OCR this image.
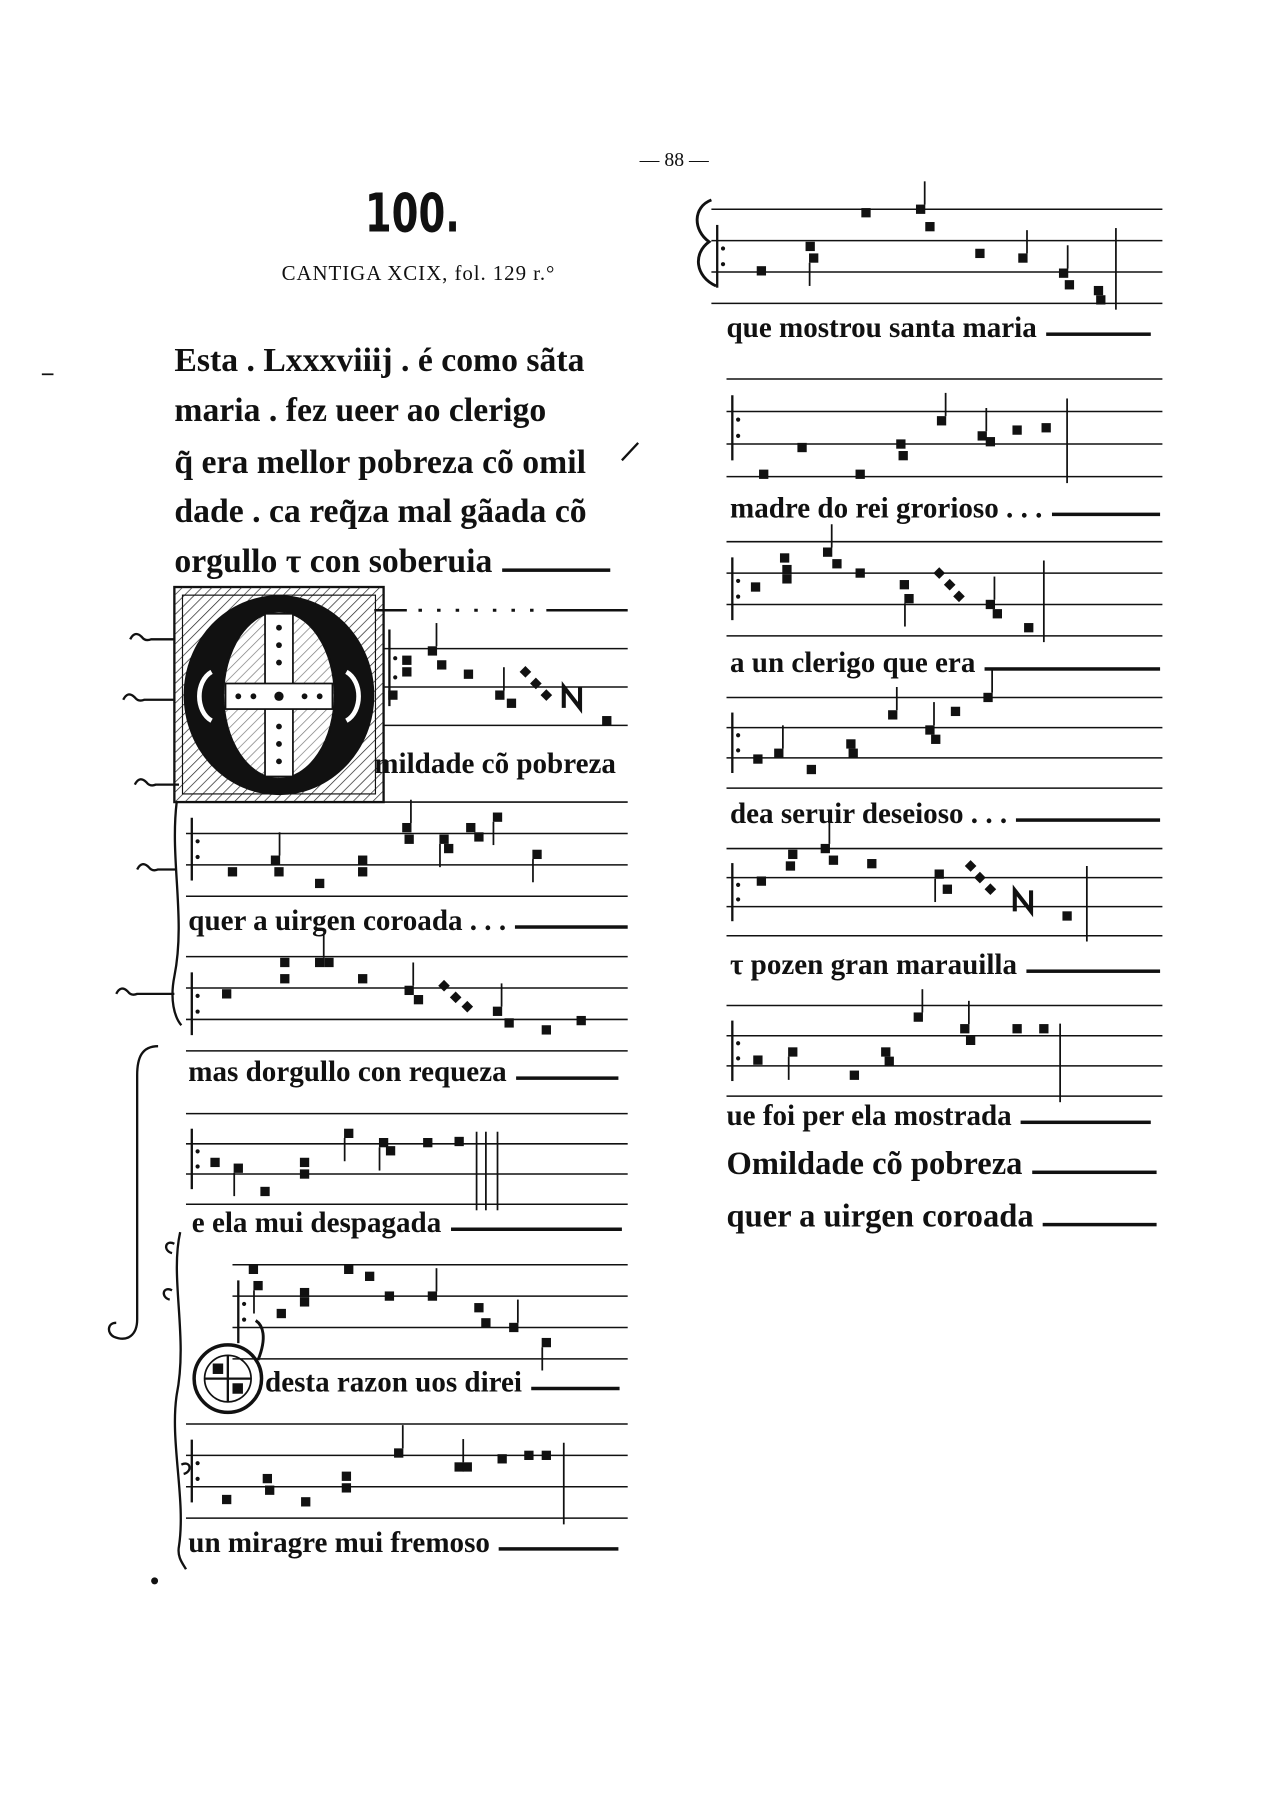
— 88 —
100.
CANTIGA XCIX, fol. 129 r.°
Esta . Lxxxviiij . é como sãta
maria . fez ueer ao clerigo
q̃ era mellor pobreza cõ omil
dade . ca req̃za mal gãada cõ
orgullo τ con soberuia
mildade cõ pobreza
quer a uirgen coroada . . .
mas dorgullo con requeza
e ela mui despagada
desta razon uos direi
un miragre mui fremoso
que mostrou santa maria
madre do rei grorioso . . .
a un clerigo que era
dea seruir deseioso . . .
τ pozen gran marauilla
ue foi per ela mostrada
Omildade cõ pobreza
quer a uirgen coroada
